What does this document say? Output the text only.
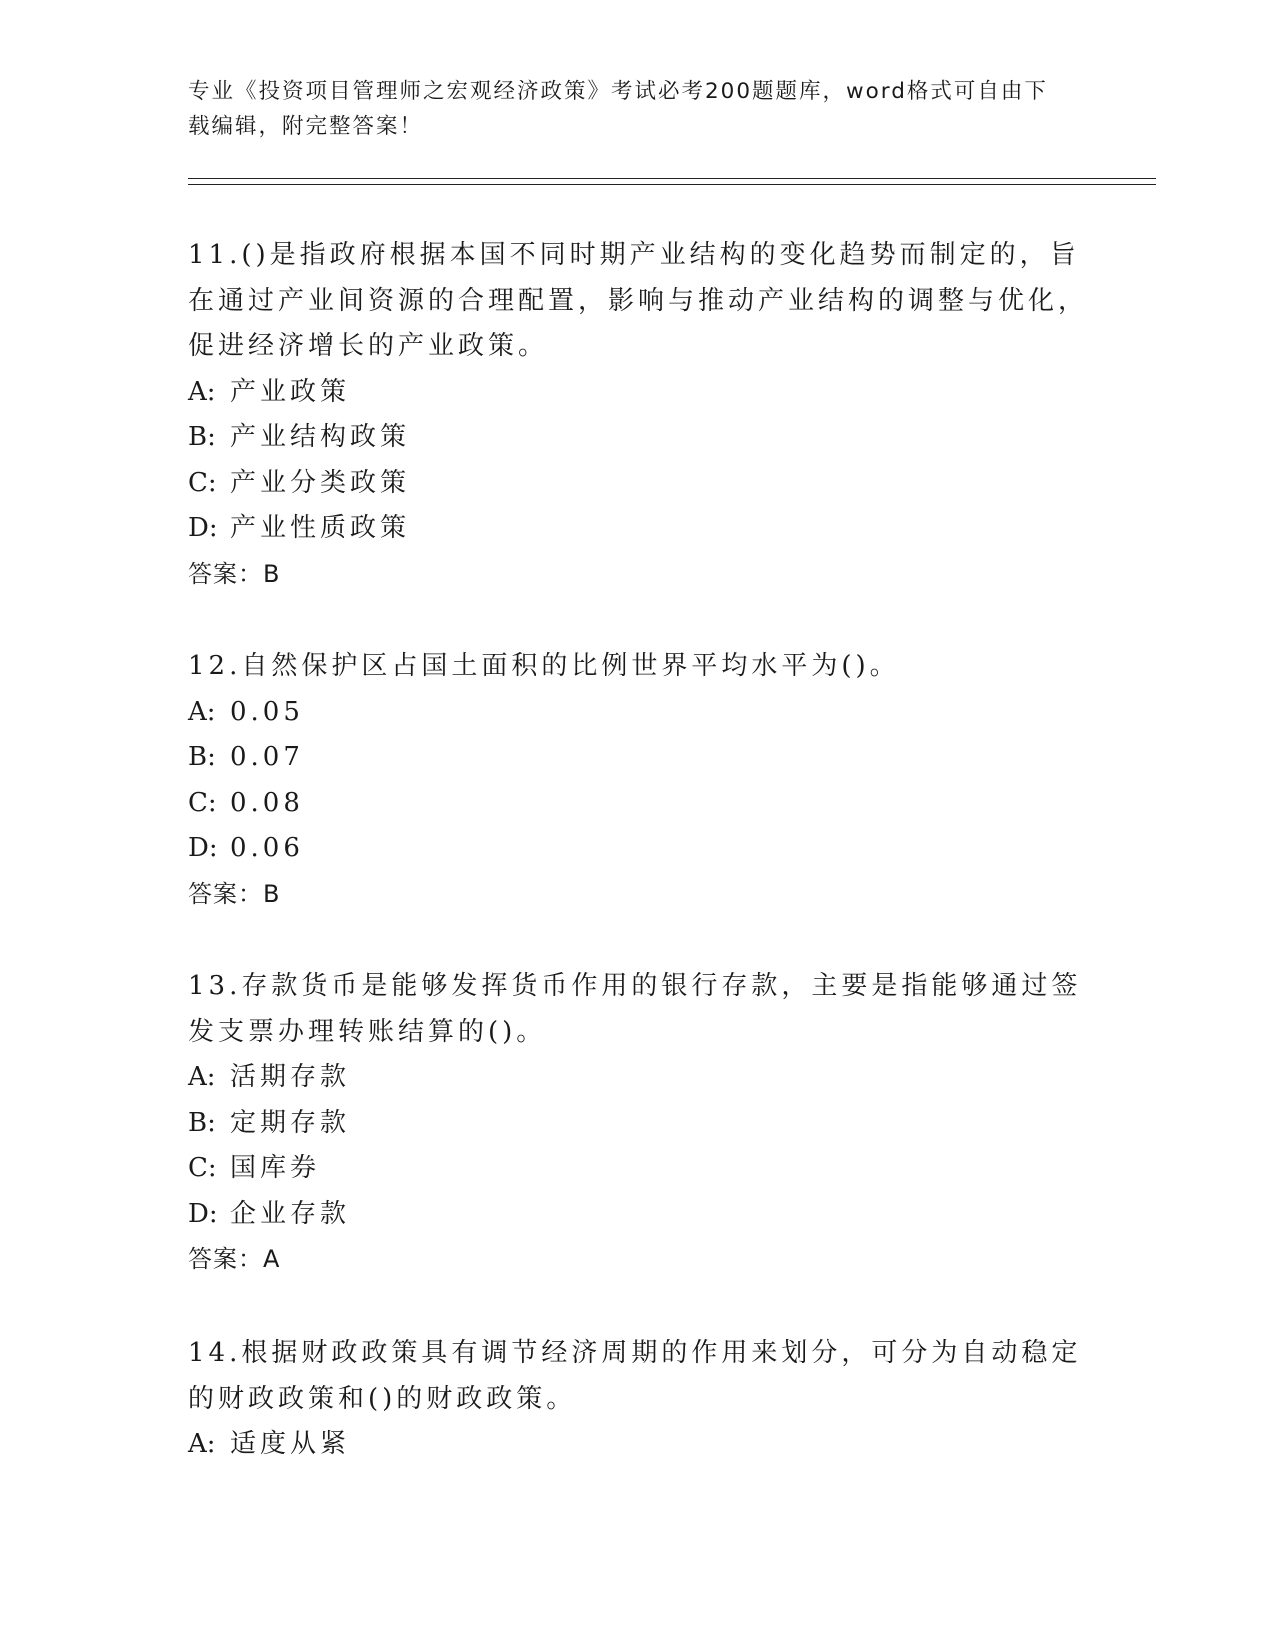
专业《投资项目管理师之宏观经济政策》考试必考200题题库，word格式可自由下载编辑，附完整答案！

11.()是指政府根据本国不同时期产业结构的变化趋势而制定的，旨在通过产业间资源的合理配置，影响与推动产业结构的调整与优化，促进经济增长的产业政策。

A: 产业政策

B: 产业结构政策

C: 产业分类政策

D: 产业性质政策

答案：B

12.自然保护区占国土面积的比例世界平均水平为()。

A: 0.05

B: 0.07

C: 0.08

D: 0.06

答案：B

13.存款货币是能够发挥货币作用的银行存款，主要是指能够通过签发支票办理转账结算的()。

A: 活期存款

B: 定期存款

C: 国库券

D: 企业存款

答案：A

14.根据财政政策具有调节经济周期的作用来划分，可分为自动稳定的财政政策和()的财政政策。

A: 适度从紧
